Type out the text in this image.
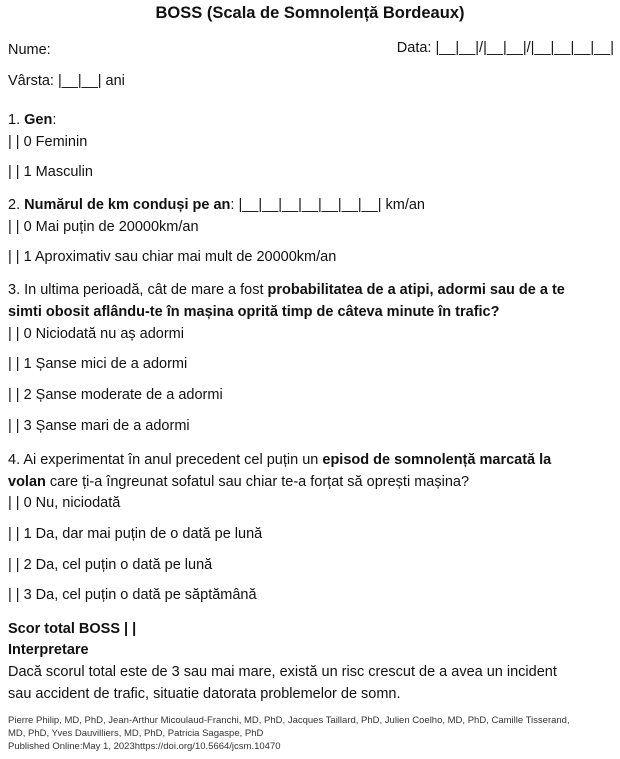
BOSS (Scala de Somnolență Bordeaux)
Nume:	Data: |__|__|/|__|__|/|__|__|__|__|
Vârsta: |__|__| ani
1. Gen:
| | 0 Feminin
| | 1 Masculin
2. Numărul de km conduși pe an: |__|__|__|__|__|__|__| km/an
| | 0 Mai puțin de 20000km/an
| | 1 Aproximativ sau chiar mai mult de 20000km/an
3. In ultima perioadă, cât de mare a fost probabilitatea de a atipi, adormi sau de a te
simti obosit aflându-te în mașina oprită timp de câteva minute în trafic?
| | 0 Niciodată nu aș adormi
| | 1 Șanse mici de a adormi
| | 2 Șanse moderate de a adormi
| | 3 Șanse mari de a adormi
4. Ai experimentat în anul precedent cel puțin un episod de somnolență marcată la
volan care ți-a îngreunat sofatul sau chiar te-a forțat să oprești mașina?
| | 0 Nu, niciodată
| | 1 Da, dar mai puțin de o dată pe lună
| | 2 Da, cel puțin o dată pe lună
| | 3 Da, cel puțin o dată pe săptămână
Scor total BOSS | |
Interpretare
Dacă scorul total este de 3 sau mai mare, există un risc crescut de a avea un incident
sau accident de trafic, situatie datorata problemelor de somn.
Pierre Philip, MD, PhD, Jean-Arthur Micoulaud-Franchi, MD, PhD, Jacques Taillard, PhD, Julien Coelho, MD, PhD, Camille Tisserand,
MD, PhD, Yves Dauvilliers, MD, PhD, Patricia Sagaspe, PhD
Published Online:May 1, 2023https://doi.org/10.5664/jcsm.10470
